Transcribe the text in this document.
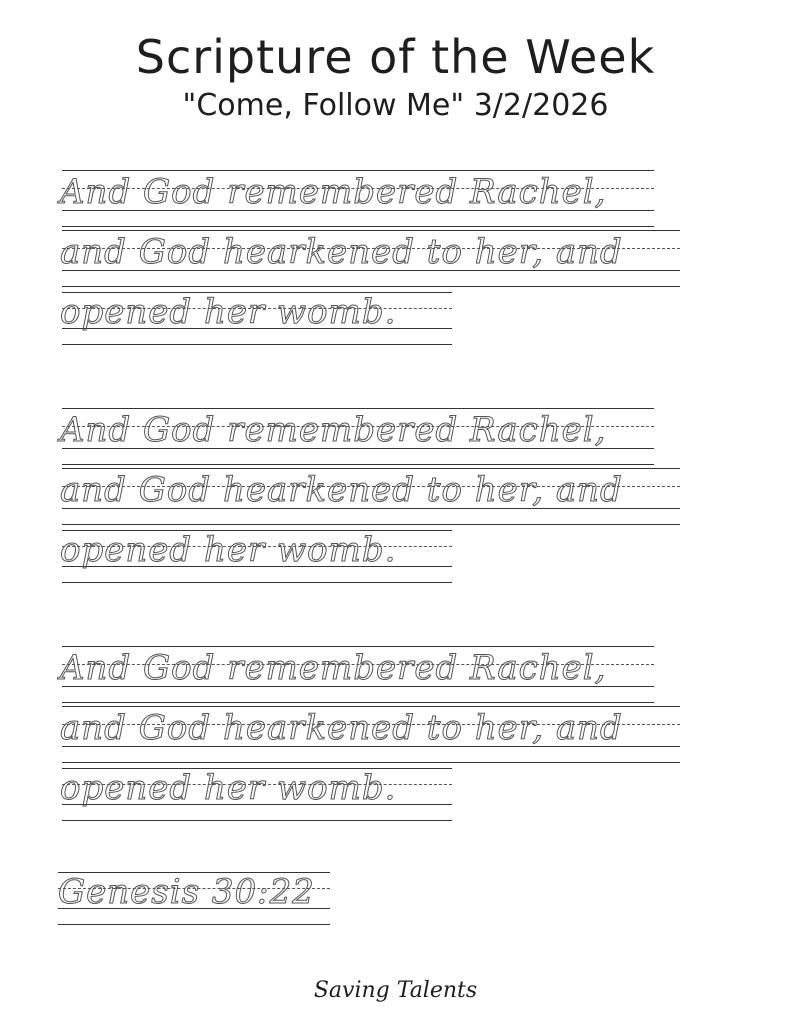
Scripture of the Week
"Come, Follow Me" 3/2/2026
And God remembered Rachel,
and God hearkened to her, and
opened her womb.
And God remembered Rachel,
and God hearkened to her, and
opened her womb.
And God remembered Rachel,
and God hearkened to her, and
opened her womb.
Genesis 30:22
Saving Talents
